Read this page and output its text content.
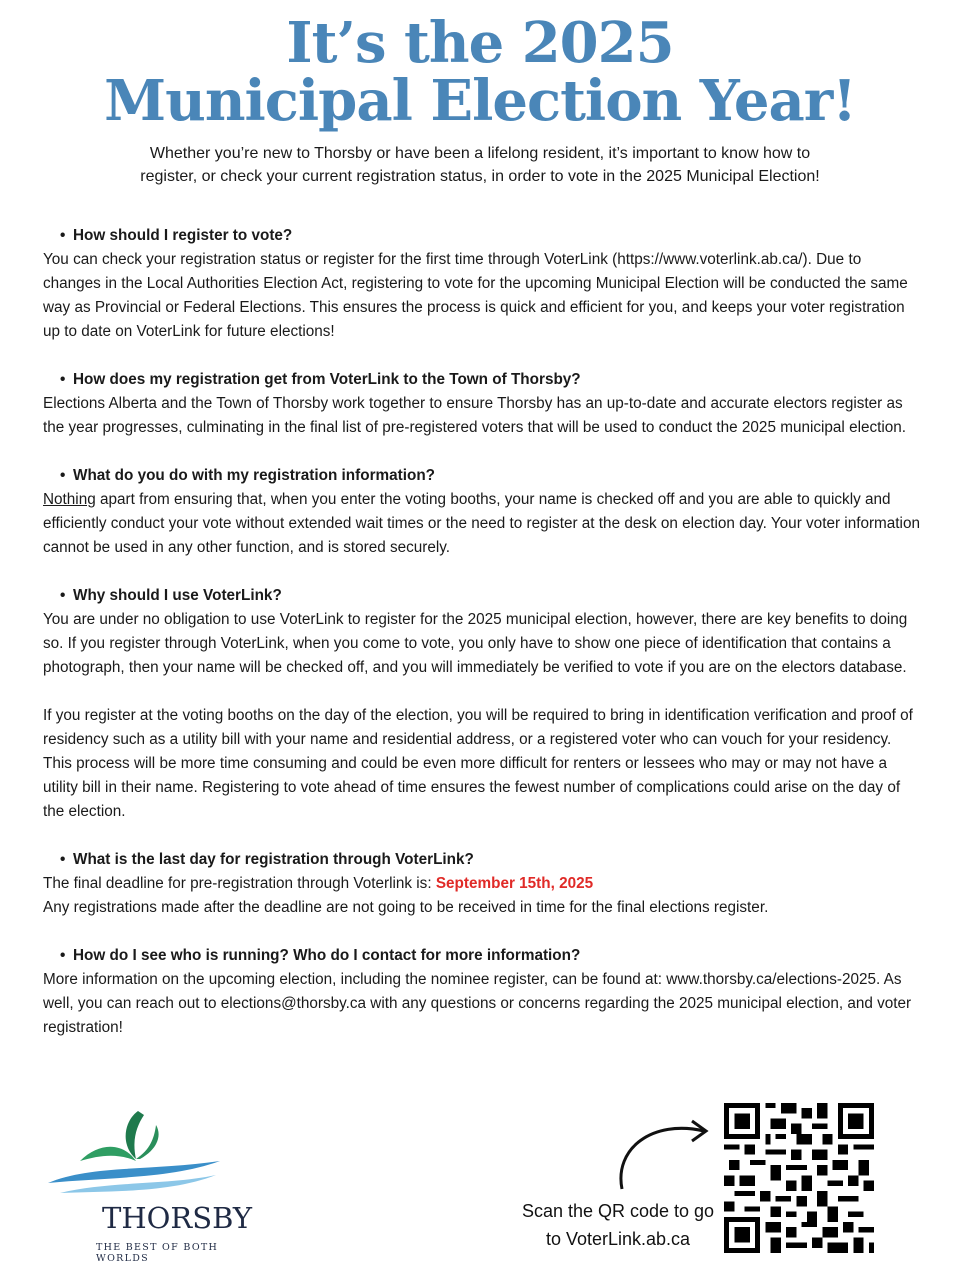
It’s the 2025
Municipal Election Year!
Whether you’re new to Thorsby or have been a lifelong resident, it’s important to know how to register, or check your current registration status, in order to vote in the 2025 Municipal Election!
• How should I register to vote?

You can check your registration status or register for the first time through VoterLink (https://www.voterlink.ab.ca/). Due to changes in the Local Authorities Election Act, registering to vote for the upcoming Municipal Election will be conducted the same way as Provincial or Federal Elections. This ensures the process is quick and efficient for you, and keeps your voter registration up to date on VoterLink for future elections!

• How does my registration get from VoterLink to the Town of Thorsby?

Elections Alberta and the Town of Thorsby work together to ensure Thorsby has an up-to-date and accurate electors register as the year progresses, culminating in the final list of pre-registered voters that will be used to conduct the 2025 municipal election.

• What do you do with my registration information?

Nothing apart from ensuring that, when you enter the voting booths, your name is checked off and you are able to quickly and efficiently conduct your vote without extended wait times or the need to register at the desk on election day. Your voter information cannot be used in any other function, and is stored securely.

• Why should I use VoterLink?

You are under no obligation to use VoterLink to register for the 2025 municipal election, however, there are key benefits to doing so. If you register through VoterLink, when you come to vote, you only have to show one piece of identification that contains a photograph, then your name will be checked off, and you will immediately be verified to vote if you are on the electors database.

If you register at the voting booths on the day of the election, you will be required to bring in identification verification and proof of residency such as a utility bill with your name and residential address, or a registered voter who can vouch for your residency. This process will be more time consuming and could be even more difficult for renters or lessees who may or may not have a utility bill in their name. Registering to vote ahead of time ensures the fewest number of complications could arise on the day of the election.

• What is the last day for registration through VoterLink?

The final deadline for pre-registration through Voterlink is: September 15th, 2025
Any registrations made after the deadline are not going to be received in time for the final elections register.

• How do I see who is running? Who do I contact for more information?

More information on the upcoming election, including the nominee register, can be found at: www.thorsby.ca/elections-2025. As well, you can reach out to elections@thorsby.ca with any questions or concerns regarding the 2025 municipal election, and voter registration!

THORSBY
THE BEST OF BOTH WORLDS
Scan the QR code to go
to VoterLink.ab.ca
